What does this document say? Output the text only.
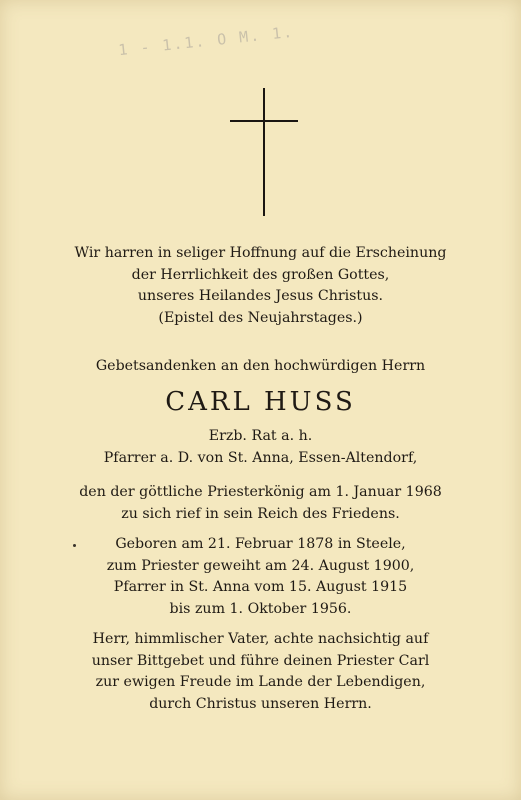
1 - 1.1. O M. 1.
Wir harren in seliger Hoffnung auf die Erscheinung
der Herrlichkeit des großen Gottes,
unseres Heilandes Jesus Christus.
(Epistel des Neujahrstages.)
Gebetsandenken an den hochwürdigen Herrn
CARL HUSS
Erzb. Rat a. h.
Pfarrer a. D. von St. Anna, Essen-Altendorf,
den der göttliche Priesterkönig am 1. Januar 1968
zu sich rief in sein Reich des Friedens.
Geboren am 21. Februar 1878 in Steele,
zum Priester geweiht am 24. August 1900,
Pfarrer in St. Anna vom 15. August 1915
bis zum 1. Oktober 1956.
Herr, himmlischer Vater, achte nachsichtig auf
unser Bittgebet und führe deinen Priester Carl
zur ewigen Freude im Lande der Lebendigen,
durch Christus unseren Herrn.
